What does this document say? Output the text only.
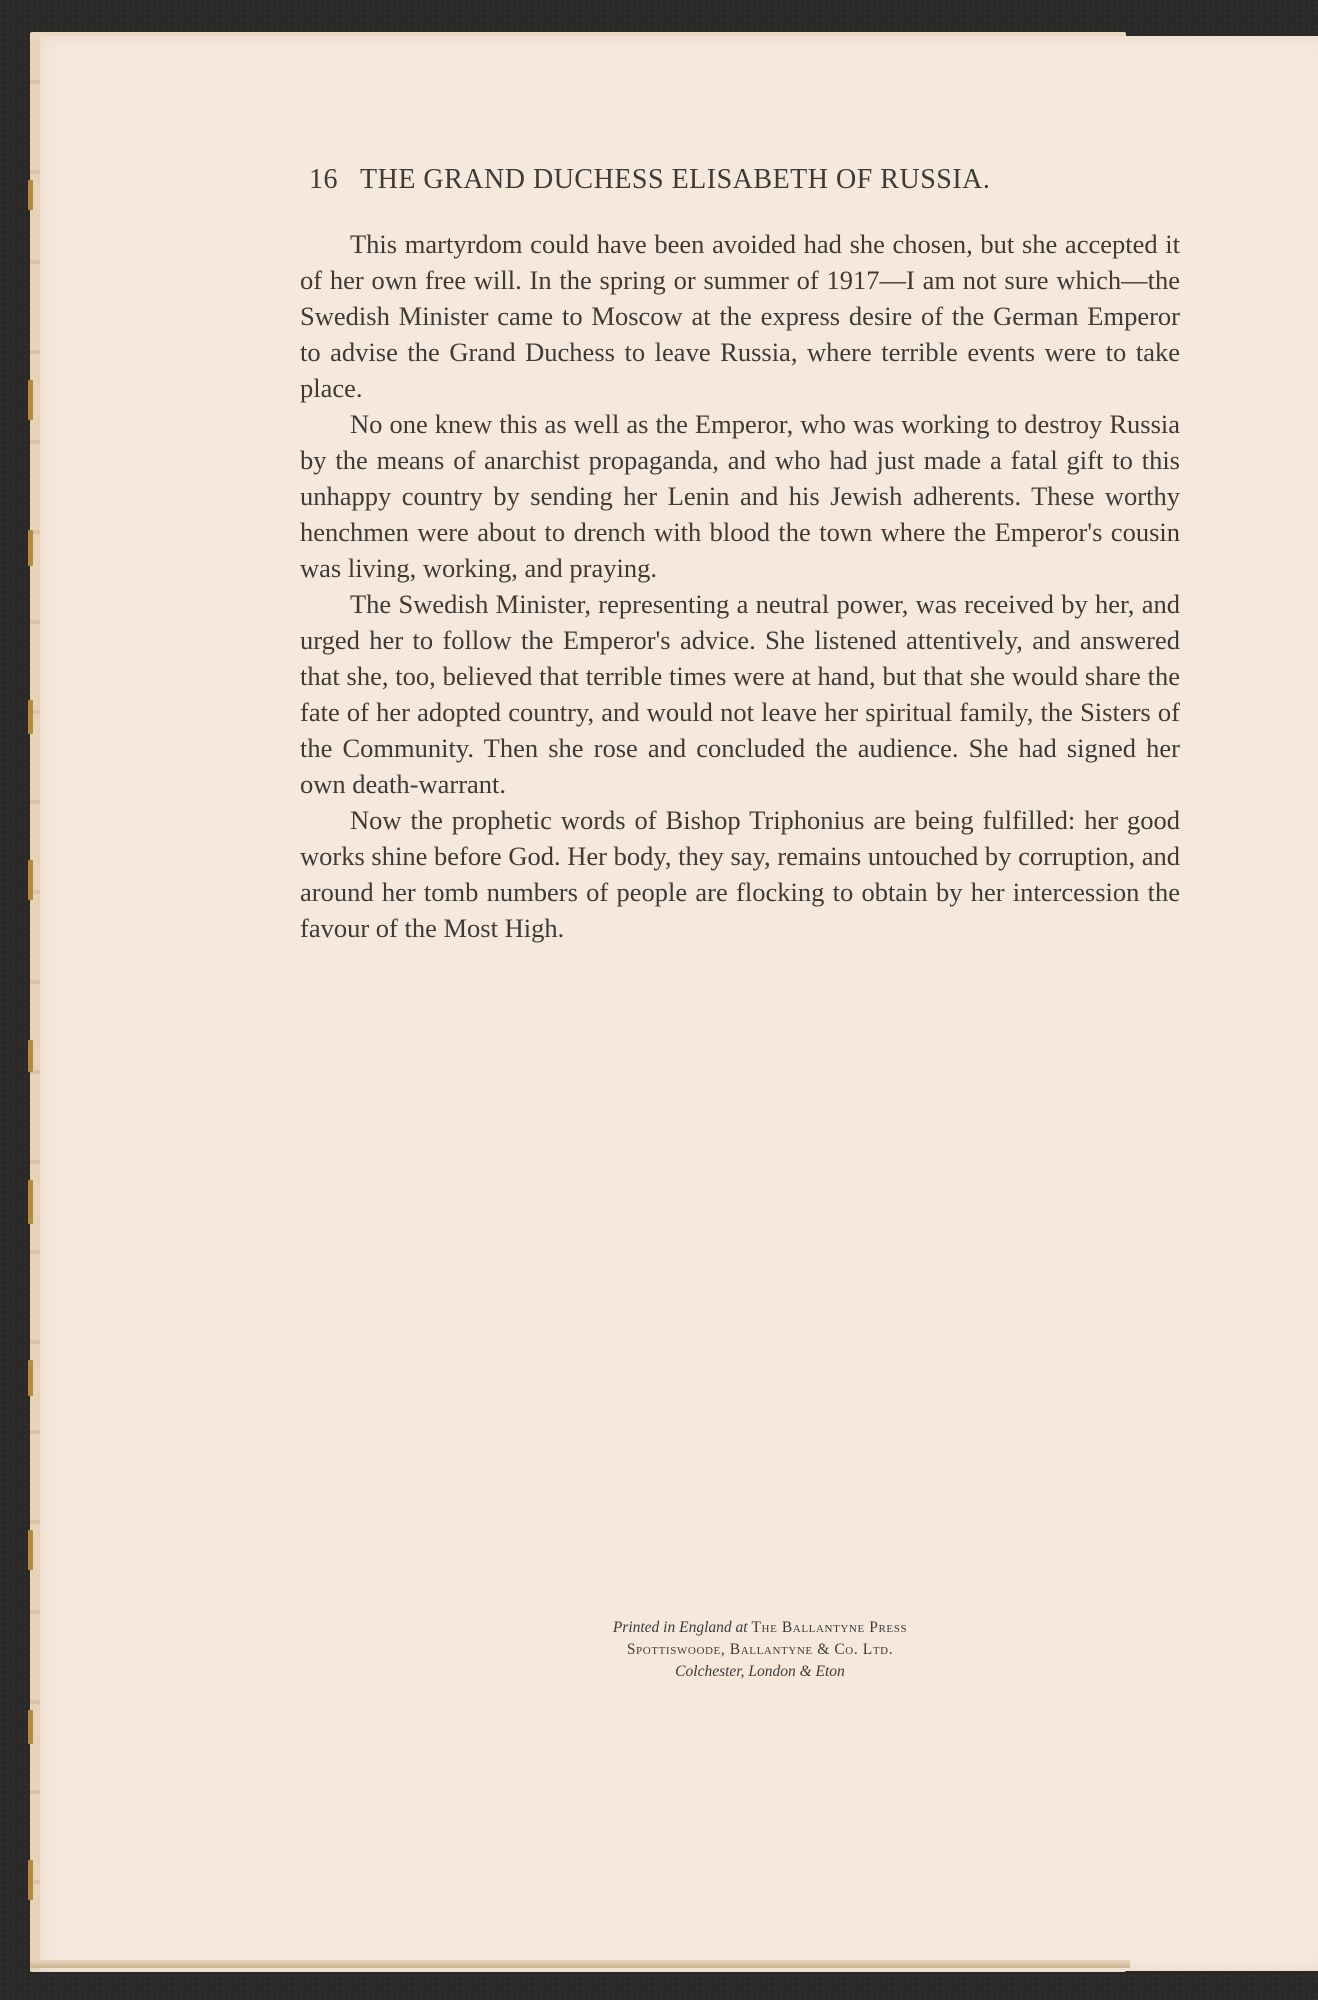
16 THE GRAND DUCHESS ELISABETH OF RUSSIA.

This martyrdom could have been avoided had she chosen, but she accepted it of her own free will. In the spring or summer of 1917—I am not sure which—the Swedish Minister came to Moscow at the express desire of the German Emperor to advise the Grand Duchess to leave Russia, where terrible events were to take place.

No one knew this as well as the Emperor, who was working to destroy Russia by the means of anarchist propaganda, and who had just made a fatal gift to this unhappy country by sending her Lenin and his Jewish adherents. These worthy henchmen were about to drench with blood the town where the Emperor's cousin was living, working, and praying.

The Swedish Minister, representing a neutral power, was received by her, and urged her to follow the Emperor's advice. She listened attentively, and answered that she, too, believed that terrible times were at hand, but that she would share the fate of her adopted country, and would not leave her spiritual family, the Sisters of the Community. Then she rose and concluded the audience. She had signed her own death-warrant.

Now the prophetic words of Bishop Triphonius are being fulfilled: her good works shine before God. Her body, they say, remains untouched by corruption, and around her tomb numbers of people are flocking to obtain by her intercession the favour of the Most High.

Printed in England at The Ballantyne Press
Spottiswoode, Ballantyne & Co. Ltd.
Colchester, London & Eton
